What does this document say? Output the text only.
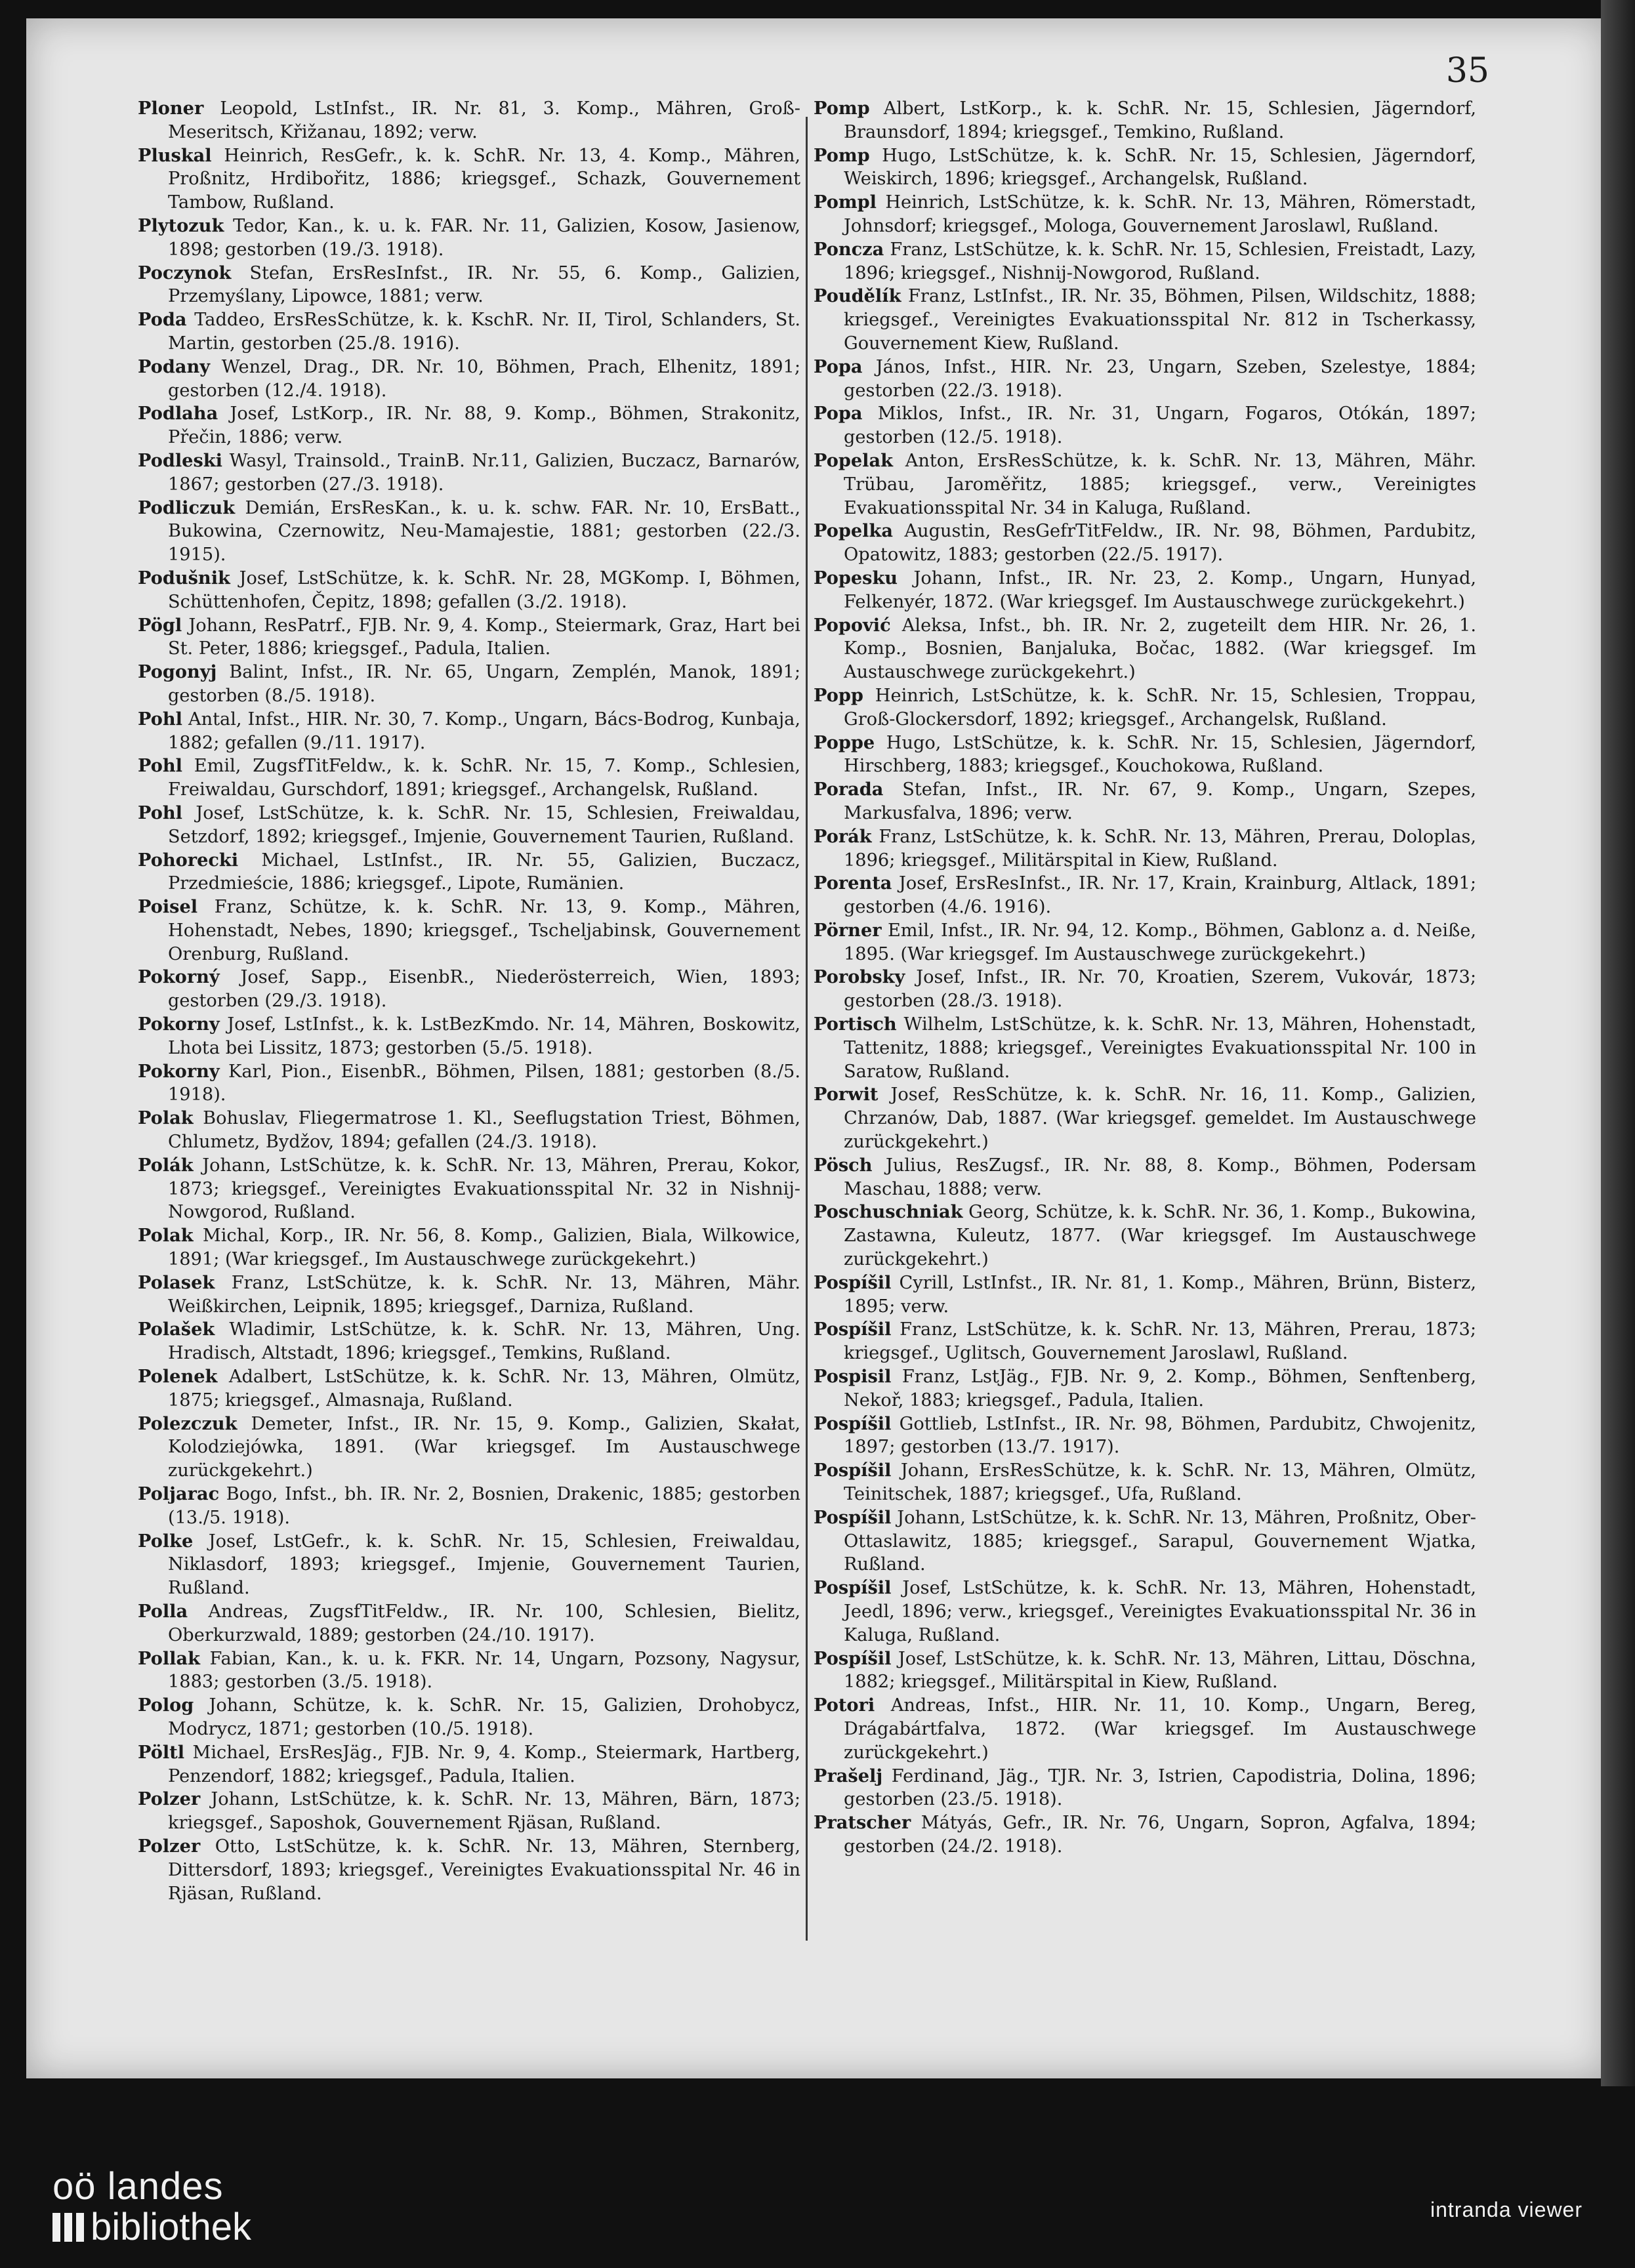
35
Ploner Leopold, LstInfst., IR. Nr. 81, 3. Komp., Mähren, Groß-Meseritsch, Křižanau, 1892; verw.
Pluskal Heinrich, ResGefr., k. k. SchR. Nr. 13, 4. Komp., Mähren, Proßnitz, Hrdibořitz, 1886; kriegsgef., Schazk, Gouvernement Tambow, Rußland.
Plytozuk Tedor, Kan., k. u. k. FAR. Nr. 11, Galizien, Kosow, Jasienow, 1898; gestorben (19./3. 1918).
Poczynok Stefan, ErsResInfst., IR. Nr. 55, 6. Komp., Galizien, Przemyślany, Lipowce, 1881; verw.
Poda Taddeo, ErsResSchütze, k. k. KschR. Nr. II, Tirol, Schlanders, St. Martin, gestorben (25./8. 1916).
Podany Wenzel, Drag., DR. Nr. 10, Böhmen, Prach, Elhenitz, 1891; gestorben (12./4. 1918).
Podlaha Josef, LstKorp., IR. Nr. 88, 9. Komp., Böhmen, Strakonitz, Přečin, 1886; verw.
Podleski Wasyl, Trainsold., TrainB. Nr.11, Galizien, Buczacz, Barnarów, 1867; gestorben (27./3. 1918).
Podliczuk Demián, ErsResKan., k. u. k. schw. FAR. Nr. 10, ErsBatt., Bukowina, Czernowitz, Neu-Mamajestie, 1881; gestorben (22./3. 1915).
Podušnik Josef, LstSchütze, k. k. SchR. Nr. 28, MGKomp. I, Böhmen, Schüttenhofen, Čepitz, 1898; gefallen (3./2. 1918).
Pögl Johann, ResPatrf., FJB. Nr. 9, 4. Komp., Steiermark, Graz, Hart bei St. Peter, 1886; kriegsgef., Padula, Italien.
Pogonyj Balint, Infst., IR. Nr. 65, Ungarn, Zemplén, Manok, 1891; gestorben (8./5. 1918).
Pohl Antal, Infst., HIR. Nr. 30, 7. Komp., Ungarn, Bács-Bodrog, Kunbaja, 1882; gefallen (9./11. 1917).
Pohl Emil, ZugsfTitFeldw., k. k. SchR. Nr. 15, 7. Komp., Schlesien, Freiwaldau, Gurschdorf, 1891; kriegsgef., Archangelsk, Rußland.
Pohl Josef, LstSchütze, k. k. SchR. Nr. 15, Schlesien, Freiwaldau, Setzdorf, 1892; kriegsgef., Imjenie, Gouvernement Taurien, Rußland.
Pohorecki Michael, LstInfst., IR. Nr. 55, Galizien, Buczacz, Przedmieście, 1886; kriegsgef., Lipote, Rumänien.
Poisel Franz, Schütze, k. k. SchR. Nr. 13, 9. Komp., Mähren, Hohenstadt, Nebes, 1890; kriegsgef., Tscheljabinsk, Gouvernement Orenburg, Rußland.
Pokorný Josef, Sapp., EisenbR., Niederösterreich, Wien, 1893; gestorben (29./3. 1918).
Pokorny Josef, LstInfst., k. k. LstBezKmdo. Nr. 14, Mähren, Boskowitz, Lhota bei Lissitz, 1873; gestorben (5./5. 1918).
Pokorny Karl, Pion., EisenbR., Böhmen, Pilsen, 1881; gestorben (8./5. 1918).
Polak Bohuslav, Fliegermatrose 1. Kl., Seeflugstation Triest, Böhmen, Chlumetz, Bydžov, 1894; gefallen (24./3. 1918).
Polák Johann, LstSchütze, k. k. SchR. Nr. 13, Mähren, Prerau, Kokor, 1873; kriegsgef., Vereinigtes Evakuationsspital Nr. 32 in Nishnij-Nowgorod, Rußland.
Polak Michal, Korp., IR. Nr. 56, 8. Komp., Galizien, Biala, Wilkowice, 1891; (War kriegsgef., Im Austauschwege zurückgekehrt.)
Polasek Franz, LstSchütze, k. k. SchR. Nr. 13, Mähren, Mähr. Weißkirchen, Leipnik, 1895; kriegsgef., Darniza, Rußland.
Polašek Wladimir, LstSchütze, k. k. SchR. Nr. 13, Mähren, Ung. Hradisch, Altstadt, 1896; kriegsgef., Temkins, Rußland.
Polenek Adalbert, LstSchütze, k. k. SchR. Nr. 13, Mähren, Olmütz, 1875; kriegsgef., Almasnaja, Rußland.
Polezczuk Demeter, Infst., IR. Nr. 15, 9. Komp., Galizien, Skałat, Kolodziejówka, 1891. (War kriegsgef. Im Austauschwege zurückgekehrt.)
Poljarac Bogo, Infst., bh. IR. Nr. 2, Bosnien, Drakenic, 1885; gestorben (13./5. 1918).
Polke Josef, LstGefr., k. k. SchR. Nr. 15, Schlesien, Freiwaldau, Niklasdorf, 1893; kriegsgef., Imjenie, Gouvernement Taurien, Rußland.
Polla Andreas, ZugsfTitFeldw., IR. Nr. 100, Schlesien, Bielitz, Oberkurzwald, 1889; gestorben (24./10. 1917).
Pollak Fabian, Kan., k. u. k. FKR. Nr. 14, Ungarn, Pozsony, Nagysur, 1883; gestorben (3./5. 1918).
Polog Johann, Schütze, k. k. SchR. Nr. 15, Galizien, Drohobycz, Modrycz, 1871; gestorben (10./5. 1918).
Pöltl Michael, ErsResJäg., FJB. Nr. 9, 4. Komp., Steiermark, Hartberg, Penzendorf, 1882; kriegsgef., Padula, Italien.
Polzer Johann, LstSchütze, k. k. SchR. Nr. 13, Mähren, Bärn, 1873; kriegsgef., Saposhok, Gouvernement Rjäsan, Rußland.
Polzer Otto, LstSchütze, k. k. SchR. Nr. 13, Mähren, Sternberg, Dittersdorf, 1893; kriegsgef., Vereinigtes Evakuationsspital Nr. 46 in Rjäsan, Rußland.
Pomp Albert, LstKorp., k. k. SchR. Nr. 15, Schlesien, Jägerndorf, Braunsdorf, 1894; kriegsgef., Temkino, Rußland.
Pomp Hugo, LstSchütze, k. k. SchR. Nr. 15, Schlesien, Jägerndorf, Weiskirch, 1896; kriegsgef., Archangelsk, Rußland.
Pompl Heinrich, LstSchütze, k. k. SchR. Nr. 13, Mähren, Römerstadt, Johnsdorf; kriegsgef., Mologa, Gouvernement Jaroslawl, Rußland.
Poncza Franz, LstSchütze, k. k. SchR. Nr. 15, Schlesien, Freistadt, Lazy, 1896; kriegsgef., Nishnij-Nowgorod, Rußland.
Poudělík Franz, LstInfst., IR. Nr. 35, Böhmen, Pilsen, Wildschitz, 1888; kriegsgef., Vereinigtes Evakuationsspital Nr. 812 in Tscherkassy, Gouvernement Kiew, Rußland.
Popa János, Infst., HIR. Nr. 23, Ungarn, Szeben, Szelestye, 1884; gestorben (22./3. 1918).
Popa Miklos, Infst., IR. Nr. 31, Ungarn, Fogaros, Otókán, 1897; gestorben (12./5. 1918).
Popelak Anton, ErsResSchütze, k. k. SchR. Nr. 13, Mähren, Mähr. Trübau, Jaroměřitz, 1885; kriegsgef., verw., Vereinigtes Evakuationsspital Nr. 34 in Kaluga, Rußland.
Popelka Augustin, ResGefrTitFeldw., IR. Nr. 98, Böhmen, Pardubitz, Opatowitz, 1883; gestorben (22./5. 1917).
Popesku Johann, Infst., IR. Nr. 23, 2. Komp., Ungarn, Hunyad, Felkenyér, 1872. (War kriegsgef. Im Austauschwege zurückgekehrt.)
Popović Aleksa, Infst., bh. IR. Nr. 2, zugeteilt dem HIR. Nr. 26, 1. Komp., Bosnien, Banjaluka, Bočac, 1882. (War kriegsgef. Im Austauschwege zurückgekehrt.)
Popp Heinrich, LstSchütze, k. k. SchR. Nr. 15, Schlesien, Troppau, Groß-Glockersdorf, 1892; kriegsgef., Archangelsk, Rußland.
Poppe Hugo, LstSchütze, k. k. SchR. Nr. 15, Schlesien, Jägerndorf, Hirschberg, 1883; kriegsgef., Kouchokowa, Rußland.
Porada Stefan, Infst., IR. Nr. 67, 9. Komp., Ungarn, Szepes, Markusfalva, 1896; verw.
Porák Franz, LstSchütze, k. k. SchR. Nr. 13, Mähren, Prerau, Doloplas, 1896; kriegsgef., Militärspital in Kiew, Rußland.
Porenta Josef, ErsResInfst., IR. Nr. 17, Krain, Krainburg, Altlack, 1891; gestorben (4./6. 1916).
Pörner Emil, Infst., IR. Nr. 94, 12. Komp., Böhmen, Gablonz a. d. Neiße, 1895. (War kriegsgef. Im Austauschwege zurückgekehrt.)
Porobsky Josef, Infst., IR. Nr. 70, Kroatien, Szerem, Vukovár, 1873; gestorben (28./3. 1918).
Portisch Wilhelm, LstSchütze, k. k. SchR. Nr. 13, Mähren, Hohenstadt, Tattenitz, 1888; kriegsgef., Vereinigtes Evakuationsspital Nr. 100 in Saratow, Rußland.
Porwit Josef, ResSchütze, k. k. SchR. Nr. 16, 11. Komp., Galizien, Chrzanów, Dab, 1887. (War kriegsgef. gemeldet. Im Austauschwege zurückgekehrt.)
Pösch Julius, ResZugsf., IR. Nr. 88, 8. Komp., Böhmen, Podersam Maschau, 1888; verw.
Poschuschniak Georg, Schütze, k. k. SchR. Nr. 36, 1. Komp., Bukowina, Zastawna, Kuleutz, 1877. (War kriegsgef. Im Austauschwege zurückgekehrt.)
Pospíšil Cyrill, LstInfst., IR. Nr. 81, 1. Komp., Mähren, Brünn, Bisterz, 1895; verw.
Pospíšil Franz, LstSchütze, k. k. SchR. Nr. 13, Mähren, Prerau, 1873; kriegsgef., Uglitsch, Gouvernement Jaroslawl, Rußland.
Pospisil Franz, LstJäg., FJB. Nr. 9, 2. Komp., Böhmen, Senftenberg, Nekoř, 1883; kriegsgef., Padula, Italien.
Pospíšil Gottlieb, LstInfst., IR. Nr. 98, Böhmen, Pardubitz, Chwojenitz, 1897; gestorben (13./7. 1917).
Pospíšil Johann, ErsResSchütze, k. k. SchR. Nr. 13, Mähren, Olmütz, Teinitschek, 1887; kriegsgef., Ufa, Rußland.
Pospíšil Johann, LstSchütze, k. k. SchR. Nr. 13, Mähren, Proßnitz, Ober-Ottaslawitz, 1885; kriegsgef., Sarapul, Gouvernement Wjatka, Rußland.
Pospíšil Josef, LstSchütze, k. k. SchR. Nr. 13, Mähren, Hohenstadt, Jeedl, 1896; verw., kriegsgef., Vereinigtes Evakuationsspital Nr. 36 in Kaluga, Rußland.
Pospíšil Josef, LstSchütze, k. k. SchR. Nr. 13, Mähren, Littau, Döschna, 1882; kriegsgef., Militärspital in Kiew, Rußland.
Potori Andreas, Infst., HIR. Nr. 11, 10. Komp., Ungarn, Bereg, Drágabártfalva, 1872. (War kriegsgef. Im Austauschwege zurückgekehrt.)
Prašelj Ferdinand, Jäg., TJR. Nr. 3, Istrien, Capodistria, Dolina, 1896; gestorben (23./5. 1918).
Pratscher Mátyás, Gefr., IR. Nr. 76, Ungarn, Sopron, Agfalva, 1894; gestorben (24./2. 1918).
oö landes
bibliothek	intranda viewer
